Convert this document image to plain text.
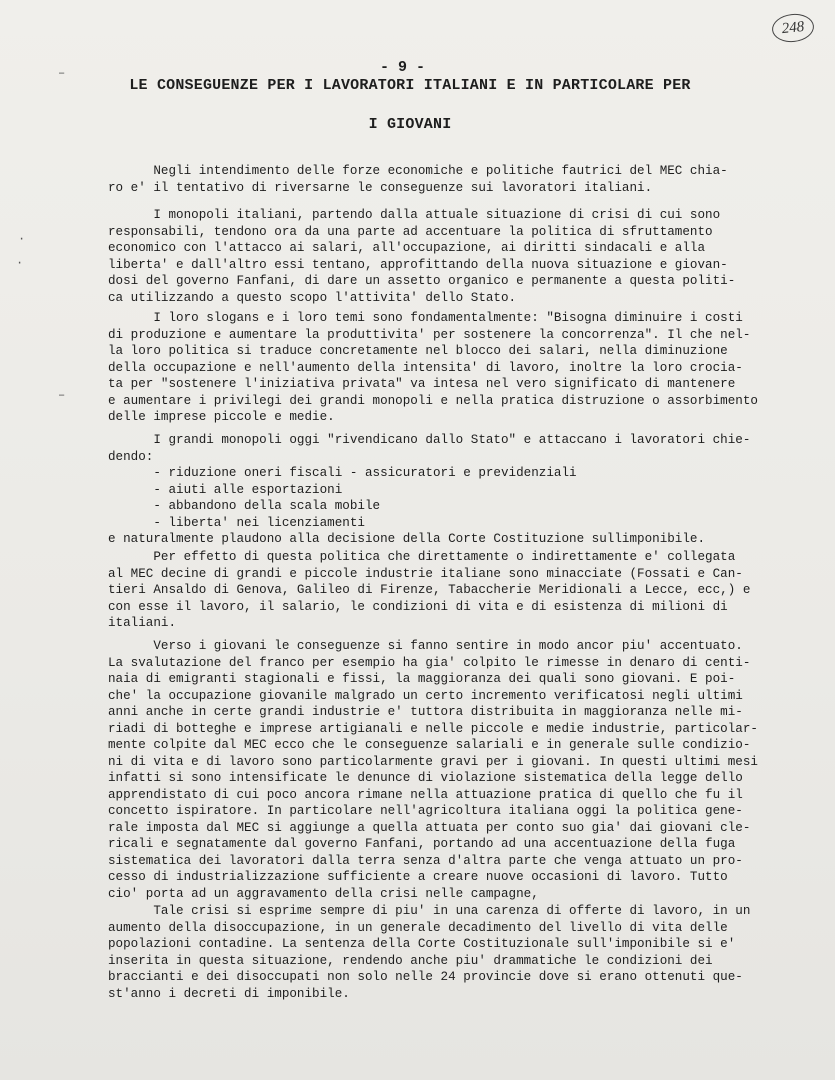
248
- 9 -
LE CONSEGUENZE PER I LAVORATORI ITALIANI E IN PARTICOLARE PER
I GIOVANI
–
–
·
·
Negli intendimento delle forze economiche e politiche fautrici del MEC chia-
ro e' il tentativo di riversarne le conseguenze sui lavoratori italiani.
I monopoli italiani, partendo dalla attuale situazione di crisi di cui sono
responsabili, tendono ora da una parte ad accentuare la politica di sfruttamento
economico con l'attacco ai salari, all'occupazione, ai diritti sindacali e alla
liberta' e dall'altro essi tentano, approfittando della nuova situazione e giovan-
dosi del governo Fanfani, di dare un assetto organico e permanente a questa politi-
ca utilizzando a questo scopo l'attivita' dello Stato.
I loro slogans e i loro temi sono fondamentalmente: "Bisogna diminuire i costi
di produzione e aumentare la produttivita' per sostenere la concorrenza". Il che nel-
la loro politica si traduce concretamente nel blocco dei salari, nella diminuzione
della occupazione e nell'aumento della intensita' di lavoro, inoltre la loro crocia-
ta per "sostenere l'iniziativa privata" va intesa nel vero significato di mantenere
e aumentare i privilegi dei grandi monopoli e nella pratica distruzione o assorbimento
delle imprese piccole e medie.
I grandi monopoli oggi "rivendicano dallo Stato" e attaccano i lavoratori chie-
dendo:
- riduzione oneri fiscali - assicuratori e previdenziali
- aiuti alle esportazioni
- abbandono della scala mobile
- liberta' nei licenziamenti
e naturalmente plaudono alla decisione della Corte Costituzione sullimponibile.
Per effetto di questa politica che direttamente o indirettamente e' collegata
al MEC decine di grandi e piccole industrie italiane sono minacciate (Fossati e Can-
tieri Ansaldo di Genova, Galileo di Firenze, Tabaccherie Meridionali a Lecce, ecc,) e
con esse il lavoro, il salario, le condizioni di vita e di esistenza di milioni di
italiani.
Verso i giovani le conseguenze si fanno sentire in modo ancor piu' accentuato.
La svalutazione del franco per esempio ha gia' colpito le rimesse in denaro di centi-
naia di emigranti stagionali e fissi, la maggioranza dei quali sono giovani. E poi-
che' la occupazione giovanile malgrado un certo incremento verificatosi negli ultimi
anni anche in certe grandi industrie e' tuttora distribuita in maggioranza nelle mi-
riadi di botteghe e imprese artigianali e nelle piccole e medie industrie, particolar-
mente colpite dal MEC ecco che le conseguenze salariali e in generale sulle condizio-
ni di vita e di lavoro sono particolarmente gravi per i giovani. In questi ultimi mesi
infatti si sono intensificate le denunce di violazione sistematica della legge dello
apprendistato di cui poco ancora rimane nella attuazione pratica di quello che fu il
concetto ispiratore. In particolare nell'agricoltura italiana oggi la politica gene-
rale imposta dal MEC si aggiunge a quella attuata per conto suo gia' dai giovani cle-
ricali e segnatamente dal governo Fanfani, portando ad una accentuazione della fuga
sistematica dei lavoratori dalla terra senza d'altra parte che venga attuato un pro-
cesso di industrializzazione sufficiente a creare nuove occasioni di lavoro. Tutto
cio' porta ad un aggravamento della crisi nelle campagne,
Tale crisi si esprime sempre di piu' in una carenza di offerte di lavoro, in un
aumento della disoccupazione, in un generale decadimento del livello di vita delle
popolazioni contadine. La sentenza della Corte Costituzionale sull'imponibile si e'
inserita in questa situazione, rendendo anche piu' drammatiche le condizioni dei
braccianti e dei disoccupati non solo nelle 24 provincie dove si erano ottenuti que-
st'anno i decreti di imponibile.
